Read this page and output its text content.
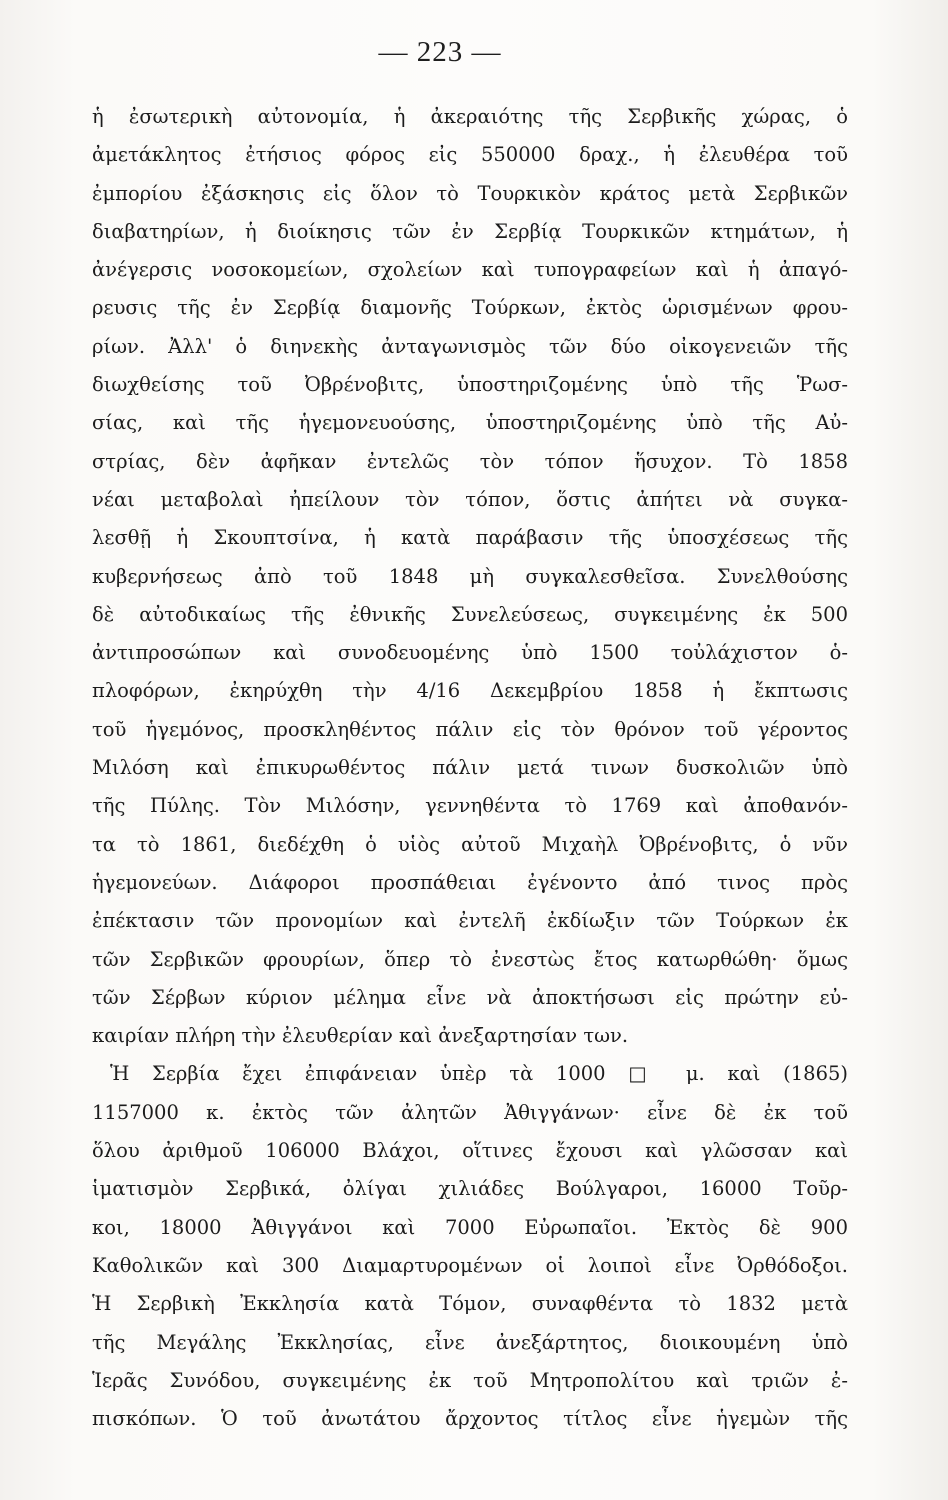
— 223 —
ἡ ἐσωτερικὴ αὐτονομία, ἡ ἀκεραιότης τῆς Σερβικῆς χώρας, ὁ
ἀμετάκλητος ἐτήσιος φόρος εἰς 550000 δραχ., ἡ ἐλευθέρα τοῦ
ἐμπορίου ἐξάσκησις εἰς ὅλον τὸ Τουρκικὸν κράτος μετὰ Σερβικῶν
διαβατηρίων, ἡ διοίκησις τῶν ἐν Σερβίᾳ Τουρκικῶν κτημάτων, ἡ
ἀνέγερσις νοσοκομείων, σχολείων καὶ τυπογραφείων καὶ ἡ ἀπαγό-
ρευσις τῆς ἐν Σερβίᾳ διαμονῆς Τούρκων, ἐκτὸς ὡρισμένων φρου-
ρίων. Ἀλλ' ὁ διηνεκὴς ἀνταγωνισμὸς τῶν δύο οἰκογενειῶν τῆς
διωχθείσης τοῦ Ὀβρένοβιτς, ὑποστηριζομένης ὑπὸ τῆς Ῥωσ-
σίας, καὶ τῆς ἡγεμονευούσης, ὑποστηριζομένης ὑπὸ τῆς Αὐ-
στρίας, δὲν ἀφῆκαν ἐντελῶς τὸν τόπον ἥσυχον. Τὸ 1858
νέαι μεταβολαὶ ἠπείλουν τὸν τόπον, ὅστις ἀπήτει νὰ συγκα-
λεσθῇ ἡ Σκουπτσίνα, ἡ κατὰ παράβασιν τῆς ὑποσχέσεως τῆς
κυβερνήσεως ἀπὸ τοῦ 1848 μὴ συγκαλεσθεῖσα. Συνελθούσης
δὲ αὐτοδικαίως τῆς ἐθνικῆς Συνελεύσεως, συγκειμένης ἐκ 500
ἀντιπροσώπων καὶ συνοδευομένης ὑπὸ 1500 τοὐλάχιστον ὁ-
πλοφόρων, ἐκηρύχθη τὴν 4/16 Δεκεμβρίου 1858 ἡ ἔκπτωσις
τοῦ ἡγεμόνος, προσκληθέντος πάλιν εἰς τὸν θρόνον τοῦ γέροντος
Μιλόση καὶ ἐπικυρωθέντος πάλιν μετά τινων δυσκολιῶν ὑπὸ
τῆς Πύλης. Τὸν Μιλόσην, γεννηθέντα τὸ 1769 καὶ ἀποθανόν-
τα τὸ 1861, διεδέχθη ὁ υἱὸς αὐτοῦ Μιχαὴλ Ὀβρένοβιτς, ὁ νῦν
ἡγεμονεύων. Διάφοροι προσπάθειαι ἐγένοντο ἀπό τινος πρὸς
ἐπέκτασιν τῶν προνομίων καὶ ἐντελῆ ἐκδίωξιν τῶν Τούρκων ἐκ
τῶν Σερβικῶν φρουρίων, ὅπερ τὸ ἐνεστὼς ἔτος κατωρθώθη· ὅμως
τῶν Σέρβων κύριον μέλημα εἶνε νὰ ἀποκτήσωσι εἰς πρώτην εὐ-
καιρίαν πλήρη τὴν ἐλευθερίαν καὶ ἀνεξαρτησίαν των.
Ἡ Σερβία ἔχει ἐπιφάνειαν ὑπὲρ τὰ 1000 □ μ. καὶ (1865)
1157000 κ. ἐκτὸς τῶν ἀλητῶν Ἀθιγγάνων· εἶνε δὲ ἐκ τοῦ
ὅλου ἀριθμοῦ 106000 Βλάχοι, οἵτινες ἔχουσι καὶ γλῶσσαν καὶ
ἱματισμὸν Σερβικά, ὀλίγαι χιλιάδες Βούλγαροι, 16000 Τοῦρ-
κοι, 18000 Ἀθιγγάνοι καὶ 7000 Εὐρωπαῖοι. Ἐκτὸς δὲ 900
Καθολικῶν καὶ 300 Διαμαρτυρομένων οἱ λοιποὶ εἶνε Ὀρθόδοξοι.
Ἡ Σερβικὴ Ἐκκλησία κατὰ Τόμον, συναφθέντα τὸ 1832 μετὰ
τῆς Μεγάλης Ἐκκλησίας, εἶνε ἀνεξάρτητος, διοικουμένη ὑπὸ
Ἱερᾶς Συνόδου, συγκειμένης ἐκ τοῦ Μητροπολίτου καὶ τριῶν ἐ-
πισκόπων. Ὁ τοῦ ἀνωτάτου ἄρχοντος τίτλος εἶνε ἡγεμὼν τῆς
